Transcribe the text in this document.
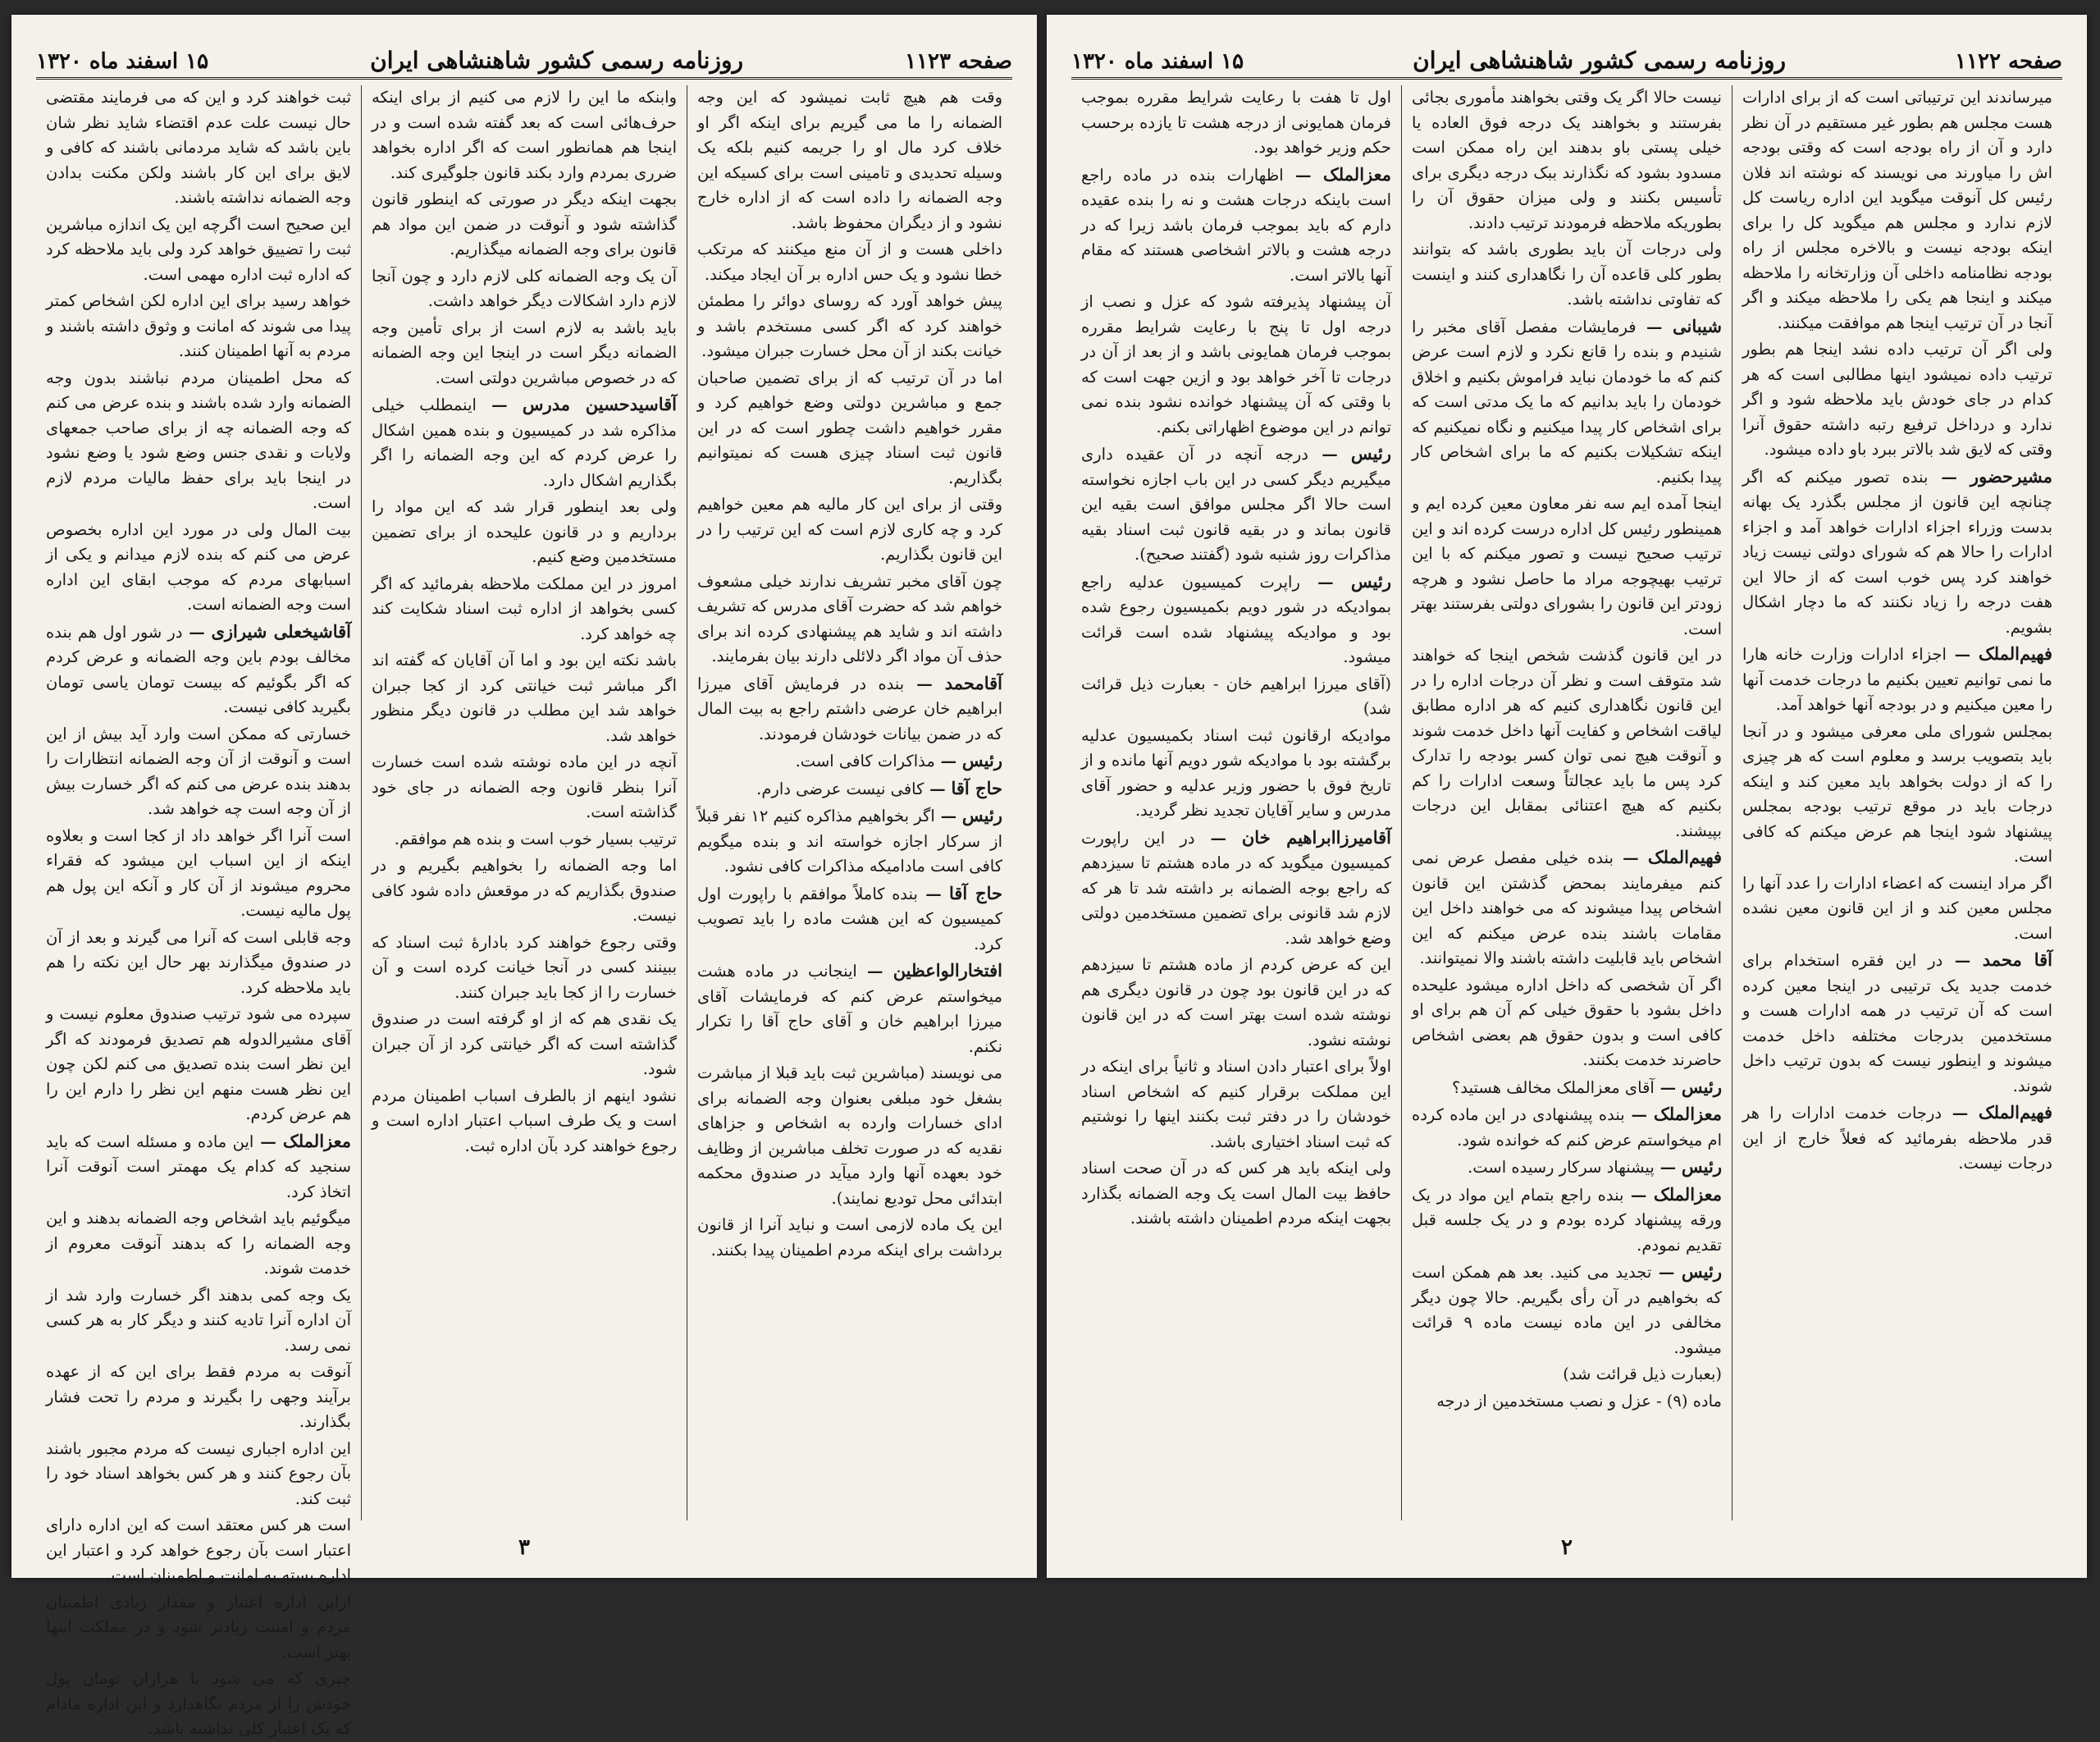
صفحه ۱۱۲۳
روزنامه رسمی کشور شاهنشاهی ایران
۱۵ اسفند ماه ۱۳۲۰

وقت هم هیچ ثابت نمیشود که این وجه الضمانه را ما می گیریم برای اینکه اگر او خلاف کرد مال او را جریمه کنیم بلکه یک وسیله تحدیدی و تامینی است برای کسیکه این وجه الضمانه را داده است که از اداره خارج نشود و از دیگران محفوظ باشد.

داخلی هست و از آن منع میکنند که مرتکب خطا نشود و یک حس اداره بر آن ایجاد میکند.

پیش خواهد آورد که روسای دوائر را مطمئن خواهند کرد که اگر کسی مستخدم باشد و خیانت بکند از آن محل خسارت جبران میشود.

اما در آن ترتیب که از برای تضمین صاحبان جمع و مباشرین دولتی وضع خواهیم کرد و مقرر خواهیم داشت چطور است که در این قانون ثبت اسناد چیزی هست که نمیتوانیم بگذاریم.

وقتی از برای این کار مالیه هم معین خواهیم کرد و چه کاری لازم است که این ترتیب را در این قانون بگذاریم.

چون آقای مخبر تشریف ندارند خیلی مشعوف خواهم شد که حضرت آقای مدرس که تشریف داشته اند و شاید هم پیشنهادی کرده اند برای حذف آن مواد اگر دلائلی دارند بیان بفرمایند.

آقامحمد — بنده در فرمایش آقای میرزا ابراهیم خان عرضی داشتم راجع به بیت المال که در ضمن بیانات خودشان فرمودند.

رئیس — مذاکرات کافی است.

حاج آقا — کافی نیست عرضی دارم.

رئیس — اگر بخواهیم مذاکره کنیم ۱۲ نفر قبلاً از سرکار اجازه خواسته اند و بنده میگویم کافی است مادامیکه مذاکرات کافی نشود.

حاج آقا — بنده کاملاً موافقم با راپورت اول کمیسیون که این هشت ماده را باید تصویب کرد.

افتخارالواعظین — اینجانب در ماده هشت میخواستم عرض کنم که فرمایشات آقای میرزا ابراهیم خان و آقای حاج آقا را تکرار نکنم.

می نویسند (مباشرین ثبت باید قبلا از مباشرت بشغل خود مبلغی بعنوان وجه الضمانه برای ادای خسارات وارده به اشخاص و جزاهای نقدیه که در صورت تخلف مباشرین از وظایف خود بعهده آنها وارد میآید در صندوق محکمه ابتدائی محل تودیع نمایند).

این یک ماده لازمی است و نباید آنرا از قانون برداشت برای اینکه مردم اطمینان پیدا بکنند.

وابنکه ما این را لازم می کنیم از برای اینکه حرف‌هائی است که بعد گفته شده است و در اینجا هم همانطور است که اگر اداره بخواهد ضرری بمردم وارد بکند قانون جلوگیری کند.

بجهت اینکه دیگر در صورتی که اینطور قانون گذاشته شود و آنوقت در ضمن این مواد هم قانون برای وجه الضمانه میگذاریم.

آن یک وجه الضمانه کلی لازم دارد و چون آنجا لازم دارد اشکالات دیگر خواهد داشت.

باید باشد به لازم است از برای تأمین وجه الضمانه دیگر است در اینجا این وجه الضمانه که در خصوص مباشرین دولتی است.

آقاسیدحسین مدرس — اینمطلب خیلی مذاکره شد در کمیسیون و بنده همین اشکال را عرض کردم که این وجه الضمانه را اگر بگذاریم اشکال دارد.

ولی بعد اینطور قرار شد که این مواد را برداریم و در قانون علیحده از برای تضمین مستخدمین وضع کنیم.

امروز در این مملکت ملاحظه بفرمائید که اگر کسی بخواهد از اداره ثبت اسناد شکایت کند چه خواهد کرد.

باشد نکته این بود و اما آن آقایان که گفته اند اگر مباشر ثبت خیانتی کرد از کجا جبران خواهد شد این مطلب در قانون دیگر منظور خواهد شد.

آنچه در این ماده نوشته شده است خسارت آنرا بنظر قانون وجه الضمانه در جای خود گذاشته است.

ترتیب بسیار خوب است و بنده هم موافقم.

اما وجه الضمانه را بخواهیم بگیریم و در صندوق بگذاریم که در موقعش داده شود کافی نیست.

وقتی رجوع خواهند کرد بادارۀ ثبت اسناد که ببینند کسی در آنجا خیانت کرده است و آن خسارت را از کجا باید جبران کنند.

یک نقدی هم که از او گرفته است در صندوق گذاشته است که اگر خیانتی کرد از آن جبران شود.

نشود اینهم از بالطرف اسباب اطمینان مردم است و یک طرف اسباب اعتبار اداره است و رجوع خواهند کرد بآن اداره ثبت.

ثبت خواهند کرد و این که می فرمایند مقتضی حال نیست علت عدم اقتضاء شاید نظر شان باین باشد که شاید مردمانی باشند که کافی و لایق برای این کار باشند ولکن مکنت بدادن وجه الضمانه نداشته باشند.

این صحیح است اگرچه این یک اندازه مباشرین ثبت را تضییق خواهد کرد ولی باید ملاحظه کرد که اداره ثبت اداره مهمی است.

خواهد رسید برای این اداره لکن اشخاص کمتر پیدا می شوند که امانت و وثوق داشته باشند و مردم به آنها اطمینان کنند.

که محل اطمینان مردم نباشند بدون وجه الضمانه وارد شده باشند و بنده عرض می کنم که وجه الضمانه چه از برای صاحب جمعهای ولایات و نقدی جنس وضع شود یا وضع نشود در اینجا باید برای حفظ مالیات مردم لازم است.

بیت المال ولی در مورد این اداره بخصوص عرض می کنم که بنده لازم میدانم و یکی از اسبابهای مردم که موجب ابقای این اداره است وجه الضمانه است.

آقاشیخعلی شیرازی — در شور اول هم بنده مخالف بودم باین وجه الضمانه و عرض کردم که اگر بگوئیم که بیست تومان یاسی تومان بگیرید کافی نیست.

خسارتی که ممکن است وارد آید بیش از این است و آنوقت از آن وجه الضمانه انتظارات را بدهند بنده عرض می کنم که اگر خسارت بیش از آن وجه است چه خواهد شد.

است آنرا اگر خواهد داد از کجا است و بعلاوه اینکه از این اسباب این میشود که فقراء محروم میشوند از آن کار و آنکه این پول هم پول مالیه نیست.

وجه قابلی است که آنرا می گیرند و بعد از آن در صندوق میگذارند بهر حال این نکته را هم باید ملاحظه کرد.

سپرده می شود ترتیب صندوق معلوم نیست و آقای مشیرالدوله هم تصدیق فرمودند که اگر این نظر است بنده تصدیق می کنم لکن چون این نظر هست منهم این نظر را دارم این را هم عرض کردم.

معزالملک — این ماده و مسئله است که باید سنجید که کدام یک مهمتر است آنوقت آنرا اتخاذ کرد.

میگوئیم باید اشخاص وجه الضمانه بدهند و این وجه الضمانه را که بدهند آنوقت معروم از خدمت شوند.

یک وجه کمی بدهند اگر خسارت وارد شد از آن اداره آنرا تادیه کنند و دیگر کار به هر کسی نمی رسد.

آنوقت به مردم فقط برای این که از عهده برآیند وجهی را بگیرند و مردم را تحت فشار بگذارند.

این اداره اجباری نیست که مردم مجبور باشند بآن رجوع کنند و هر کس بخواهد اسناد خود را ثبت کند.

است هر کس معتقد است که این اداره دارای اعتبار است بآن رجوع خواهد کرد و اعتبار این اداره بسته به امانت و اطمینان است.

ازاین اداره اعتبار و مقدار زیادی اطمینان مردم و امنیت زیادتر شود و در مملکت اینها بهتر است.

چیزی که می شود با هزاران تومان پول خودش را از مردم نگاهدارد و این اداره مادام که یک اعتبار کلی نداشته باشد.

۳
صفحه ۱۱۲۲
روزنامه رسمی کشور شاهنشاهی ایران
۱۵ اسفند ماه ۱۳۲۰

میرساندند این ترتیباتی است که از برای ادارات هست مجلس هم بطور غیر مستقیم در آن نظر دارد و آن از راه بودجه است که وقتی بودجه اش را میاورند می نویسند که نوشته اند فلان رئیس کل آنوقت میگوید این اداره ریاست کل لازم ندارد و مجلس هم میگوید کل را برای اینکه بودجه نیست و بالاخره مجلس از راه بودجه نظامنامه داخلی آن وزارتخانه را ملاحظه میکند و اینجا هم یکی را ملاحظه میکند و اگر آنجا در آن ترتیب اینجا هم موافقت میکنند.

ولی اگر آن ترتیب داده نشد اینجا هم بطور ترتیب داده نمیشود اینها مطالبی است که هر کدام در جای خودش باید ملاحظه شود و اگر ندارد و درداخل ترفیع رتبه داشته حقوق آنرا وقتی که لایق شد بالاتر ببرد باو داده میشود.

مشیرحضور — بنده تصور میکنم که اگر چنانچه این قانون از مجلس بگذرد یک بهانه بدست وزراء اجزاء ادارات خواهد آمد و اجزاء ادارات را حالا هم که شورای دولتی نیست زیاد خواهند کرد پس خوب است که از حالا این هفت درجه را زیاد نکنند که ما دچار اشکال بشویم.

فهیم‌الملک — اجزاء ادارات وزارت خانه هارا ما نمی توانیم تعیین بکنیم ما درجات خدمت آنها را معین میکنیم و در بودجه آنها خواهد آمد.

بمجلس شورای ملی معرفی میشود و در آنجا باید بتصویب برسد و معلوم است که هر چیزی را که از دولت بخواهد باید معین کند و اینکه درجات باید در موقع ترتیب بودجه بمجلس پیشنهاد شود اینجا هم عرض میکنم که کافی است.

اگر مراد اینست که اعضاء ادارات را عدد آنها را مجلس معین کند و از این قانون معین نشده است.

آقا محمد — در این فقره استخدام برای خدمت جدید یک ترتیبی در اینجا معین کرده است که آن ترتیب در همه ادارات هست و مستخدمین بدرجات مختلفه داخل خدمت میشوند و اینطور نیست که بدون ترتیب داخل شوند.

فهیم‌الملک — درجات خدمت ادارات را هر قدر ملاحظه بفرمائید که فعلاً خارج از این درجات نیست.

نیست حالا اگر یک وقتی بخواهند مأموری بجائی بفرستند و بخواهند یک درجه فوق العاده یا خیلی پستی باو بدهند این راه ممکن است مسدود بشود که نگذارند ببک درجه دیگری برای تأسیس بکنند و ولی میزان حقوق آن را بطوریکه ملاحظه فرمودند ترتیب دادند.

ولی درجات آن باید بطوری باشد که بتوانند بطور کلی قاعده آن را نگاهداری کنند و اینست که تفاوتی نداشته باشد.

شیبانی — فرمایشات مفصل آقای مخبر را شنیدم و بنده را قانع نکرد و لازم است عرض کنم که ما خودمان نباید فراموش بکنیم و اخلاق خودمان را باید بدانیم که ما یک مدتی است که برای اشخاص کار پیدا میکنیم و نگاه نمیکنیم که اینکه تشکیلات بکنیم که ما برای اشخاص کار پیدا بکنیم.

اینجا آمده ایم سه نفر معاون معین کرده ایم و همینطور رئیس کل اداره درست کرده اند و این ترتیب صحیح نیست و تصور میکنم که با این ترتیب بهیچوجه مراد ما حاصل نشود و هرچه زودتر این قانون را بشورای دولتی بفرستند بهتر است.

در این قانون گذشت شخص اینجا که خواهند شد متوقف است و نظر آن درجات اداره را در این قانون نگاهداری کنیم که هر اداره مطابق لیاقت اشخاص و کفایت آنها داخل خدمت شوند و آنوقت هیچ نمی توان کسر بودجه را تدارک کرد پس ما باید عجالتاً وسعت ادارات را کم بکنیم که هیچ اعتنائی بمقابل این درجات بپیشند.

فهیم‌الملک — بنده خیلی مفصل عرض نمی کنم میفرمایند بمحض گذشتن این قانون اشخاص پیدا میشوند که می خواهند داخل این مقامات باشند بنده عرض میکنم که این اشخاص باید قابلیت داشته باشند والا نمیتوانند.

اگر آن شخصی که داخل اداره میشود علیحده داخل بشود با حقوق خیلی کم آن هم برای او کافی است و بدون حقوق هم بعضی اشخاص حاضرند خدمت بکنند.

رئیس — آقای معزالملک مخالف هستید؟

معزالملک — بنده پیشنهادی در این ماده کرده ام میخواستم عرض کنم که خوانده شود.

رئیس — پیشنهاد سرکار رسیده است.

معزالملک — بنده راجع بتمام این مواد در یک ورقه پیشنهاد کرده بودم و در یک جلسه قبل تقدیم نمودم.

رئیس — تجدید می کنید. بعد هم همکن است که بخواهیم در آن رأی بگیریم. حالا چون دیگر مخالفی در این ماده نیست ماده ۹ قرائت میشود.

(بعبارت ذیل قرائت شد)

ماده (۹) - عزل و نصب مستخدمین از درجه

اول تا هفت با رعایت شرایط مقرره بموجب فرمان همایونی از درجه هشت تا یازده برحسب حکم وزیر خواهد بود.

معزالملک — اظهارات بنده در ماده راجع است باینکه درجات هشت و نه را بنده عقیده دارم که باید بموجب فرمان باشد زیرا که در درجه هشت و بالاتر اشخاصی هستند که مقام آنها بالاتر است.

آن پیشنهاد پذیرفته شود که عزل و نصب از درجه اول تا پنج با رعایت شرایط مقرره بموجب فرمان همایونی باشد و از بعد از آن در درجات تا آخر خواهد بود و ازین جهت است که با وقتی که آن پیشنهاد خوانده نشود بنده نمی توانم در این موضوع اظهاراتی بکنم.

رئیس — درجه آنچه در آن عقیده داری میگیریم دیگر کسی در این باب اجازه نخواسته است حالا اگر مجلس موافق است بقیه این قانون بماند و در بقیه قانون ثبت اسناد بقیه مذاکرات روز شنبه شود (گفتند صحیح).

رئیس — راپرت کمیسیون عدلیه راجع بموادیکه در شور دویم بکمیسیون رجوع شده بود و موادیکه پیشنهاد شده است قرائت میشود.

(آقای میرزا ابراهیم خان - بعبارت ذیل قرائت شد)

موادیکه ارقانون ثبت اسناد بکمیسیون عدلیه برگشته بود با موادیکه شور دویم آنها مانده و از تاریخ فوق با حضور وزیر عدلیه و حضور آقای مدرس و سایر آقایان تجدید نظر گردید.

آقامیرزاابراهیم خان — در این راپورت کمیسیون میگوید که در ماده هشتم تا سیزدهم که راجع بوجه الضمانه بر داشته شد تا هر که لازم شد قانونی برای تضمین مستخدمین دولتی وضع خواهد شد.

این که عرض کردم از ماده هشتم تا سیزدهم که در این قانون بود چون در قانون دیگری هم نوشته شده است بهتر است که در این قانون نوشته نشود.

اولاً برای اعتبار دادن اسناد و ثانیاً برای اینکه در این مملکت برقرار کنیم که اشخاص اسناد خودشان را در دفتر ثبت بکنند اینها را نوشتیم که ثبت اسناد اختیاری باشد.

ولی اینکه باید هر کس که در آن صحت اسناد حافظ بیت المال است یک وجه الضمانه بگذارد بجهت اینکه مردم اطمینان داشته باشند.

۲
